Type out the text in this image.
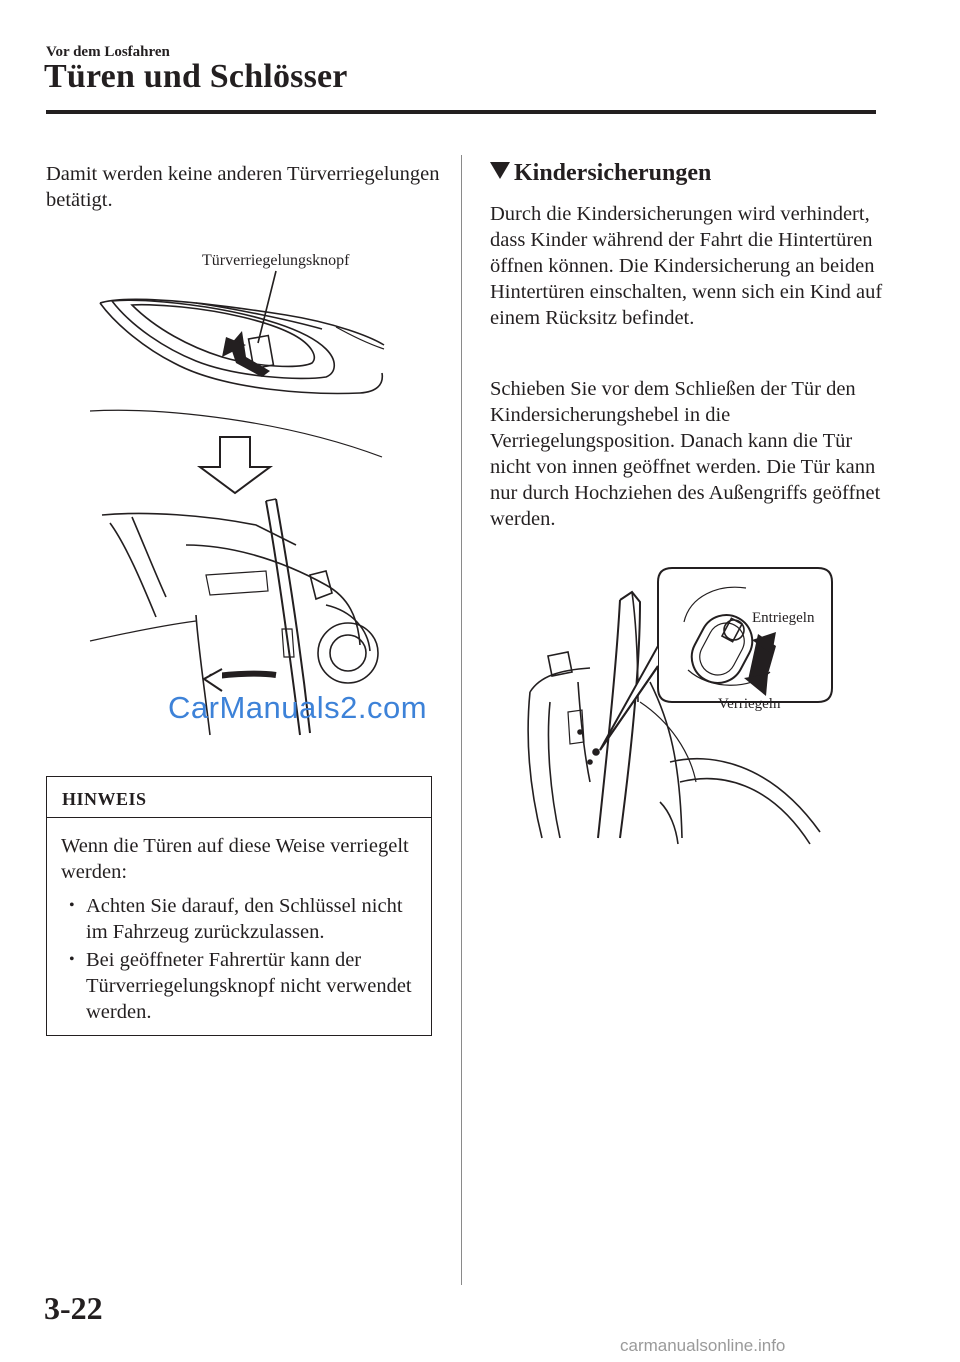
Vor dem Losfahren
Türen und Schlösser

Damit werden keine anderen Türverriegelungen betätigt.

Türverriegelungsknopf
CarManuals2.com
HINWEIS
Wenn die Türen auf diese Weise verriegelt werden:
• Achten Sie darauf, den Schlüssel nicht im Fahrzeug zurückzulassen.
• Bei geöffneter Fahrertür kann der Türverriegelungsknopf nicht verwendet werden.
Kindersicherungen

Durch die Kindersicherungen wird verhindert, dass Kinder während der Fahrt die Hintertüren öffnen können. Die Kindersicherung an beiden Hintertüren einschalten, wenn sich ein Kind auf einem Rücksitz befindet.

Schieben Sie vor dem Schließen der Tür den Kindersicherungshebel in die Verriegelungsposition. Danach kann die Tür nicht von innen geöffnet werden. Die Tür kann nur durch Hochziehen des Außengriffs geöffnet werden.

Entriegeln
Verriegeln
3-22
carmanualsonline.info
